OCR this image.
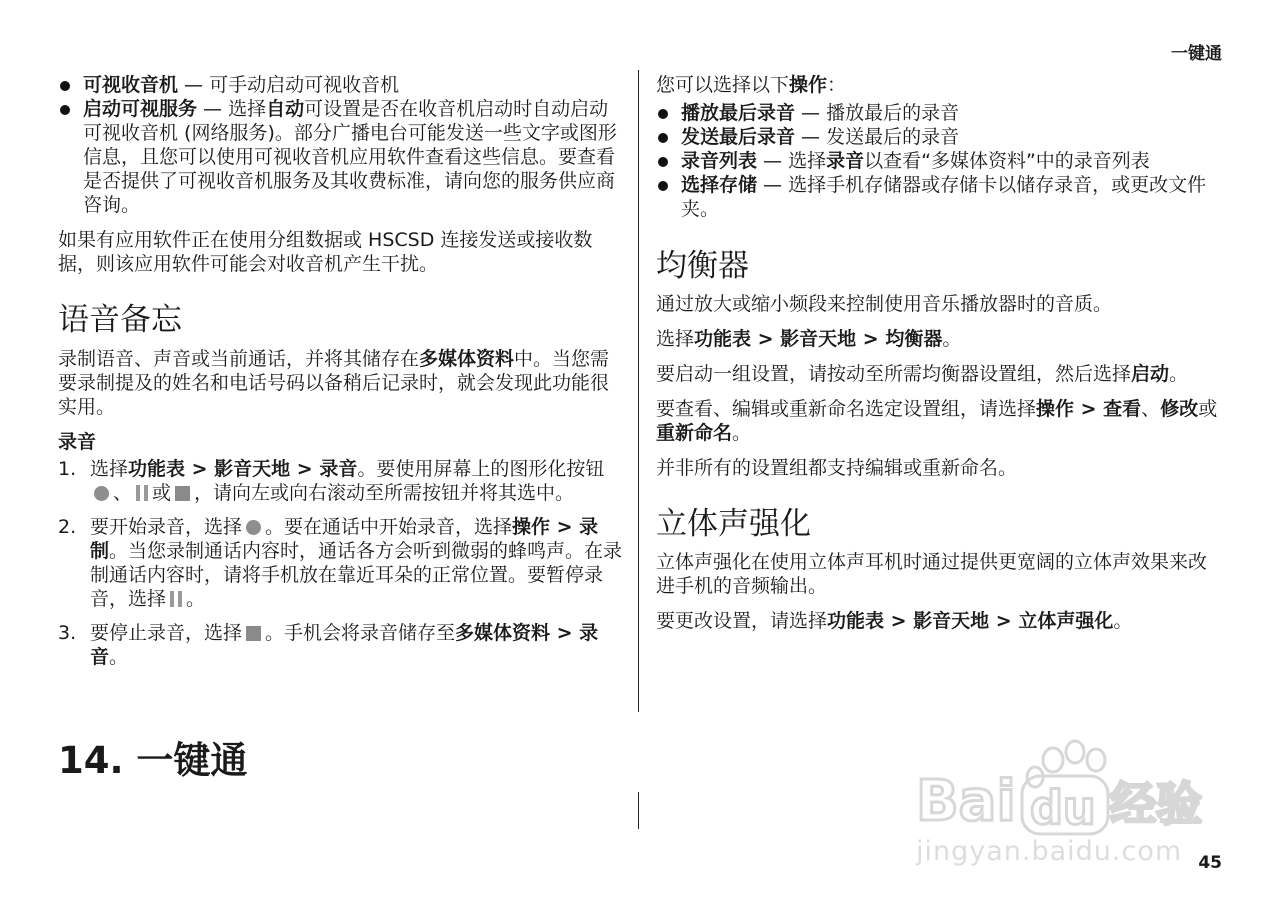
一键通
可视收音机 — 可手动启动可视收音机
启动可视服务 — 选择自动可设置是否在收音机启动时自动启动可视收音机 (网络服务)。部分广播电台可能发送一些文字或图形信息，且您可以使用可视收音机应用软件查看这些信息。要查看是否提供了可视收音机服务及其收费标准，请向您的服务供应商咨询。

如果有应用软件正在使用分组数据或 HSCSD 连接发送或接收数据，则该应用软件可能会对收音机产生干扰。

语音备忘

录制语音、声音或当前通话，并将其储存在多媒体资料中。当您需要录制提及的姓名和电话号码以备稍后记录时，就会发现此功能很实用。

录音
1. 选择功能表 > 影音天地 > 录音。要使用屏幕上的图形化按钮、 或 ，请向左或向右滚动至所需按钮并将其选中。
2. 要开始录音，选择 。要在通话中开始录音，选择操作 > 录制。当您录制通话内容时，通话各方会听到微弱的蜂鸣声。在录制通话内容时，请将手机放在靠近耳朵的正常位置。要暂停录音，选择 。
3. 要停止录音，选择 。手机会将录音储存至多媒体资料 > 录音。

您可以选择以下操作：

播放最后录音 — 播放最后的录音
发送最后录音 — 发送最后的录音
录音列表 — 选择录音以查看“多媒体资料”中的录音列表
选择存储 — 选择手机存储器或存储卡以储存录音，或更改文件夹。
均衡器

通过放大或缩小频段来控制使用音乐播放器时的音质。

选择功能表 > 影音天地 > 均衡器。

要启动一组设置，请按动至所需均衡器设置组，然后选择启动。

要查看、编辑或重新命名选定设置组，请选择操作 > 查看、修改或重新命名。

并非所有的设置组都支持编辑或重新命名。

立体声强化

立体声强化在使用立体声耳机时通过提供更宽阔的立体声效果来改进手机的音频输出。

要更改设置，请选择功能表 > 影音天地 > 立体声强化。

14. 一键通
Bai du 经验
jingyan.baidu.com 45
